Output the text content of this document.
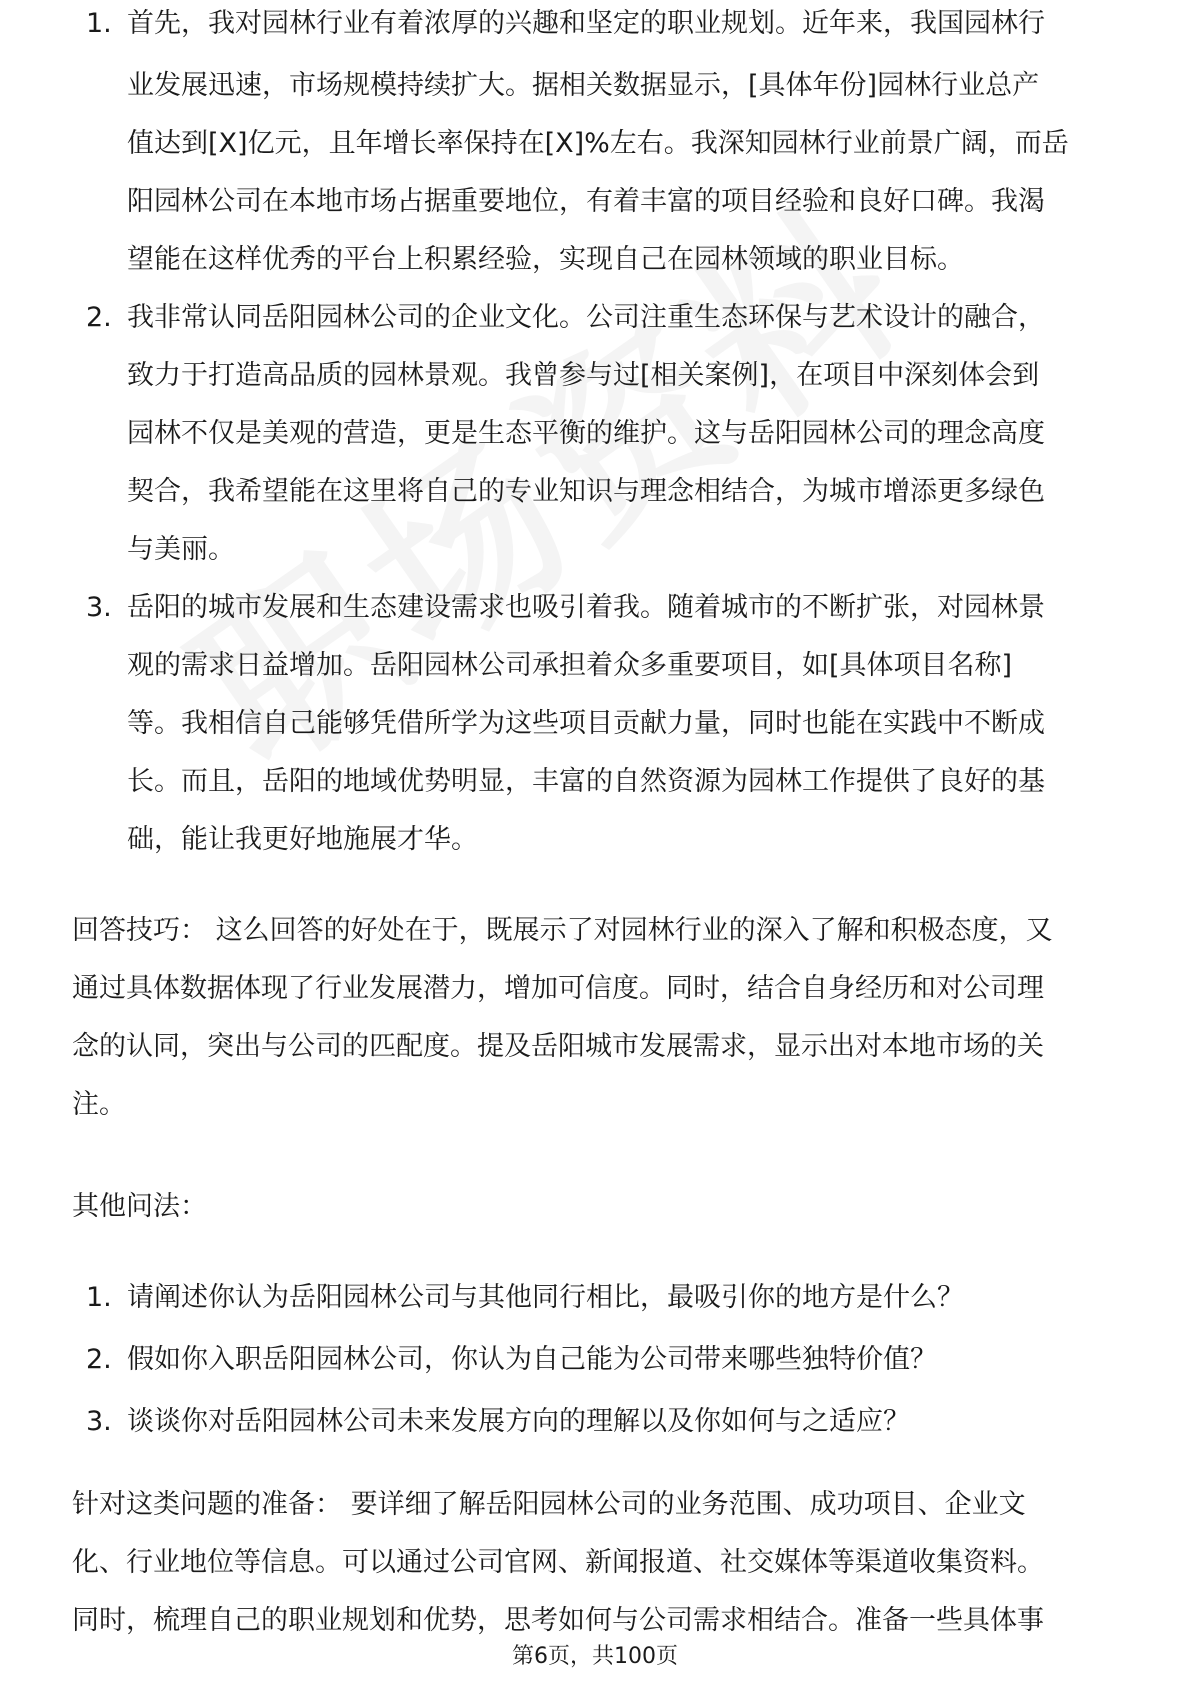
1. 首先，我对园林行业有着浓厚的兴趣和坚定的职业规划。近年来，我国园林行
业发展迅速，市场规模持续扩大。据相关数据显示，[具体年份]园林行业总产
值达到[X]亿元，且年增长率保持在[X]%左右。我深知园林行业前景广阔，而岳
阳园林公司在本地市场占据重要地位，有着丰富的项目经验和良好口碑。我渴
望能在这样优秀的平台上积累经验，实现自己在园林领域的职业目标。
2. 我非常认同岳阳园林公司的企业文化。公司注重生态环保与艺术设计的融合，
致力于打造高品质的园林景观。我曾参与过[相关案例]，在项目中深刻体会到
园林不仅是美观的营造，更是生态平衡的维护。这与岳阳园林公司的理念高度
契合，我希望能在这里将自己的专业知识与理念相结合，为城市增添更多绿色
与美丽。
3. 岳阳的城市发展和生态建设需求也吸引着我。随着城市的不断扩张，对园林景
观的需求日益增加。岳阳园林公司承担着众多重要项目，如[具体项目名称]
等。我相信自己能够凭借所学为这些项目贡献力量，同时也能在实践中不断成
长。而且，岳阳的地域优势明显，丰富的自然资源为园林工作提供了良好的基
础，能让我更好地施展才华。
回答技巧： 这么回答的好处在于，既展示了对园林行业的深入了解和积极态度，又
通过具体数据体现了行业发展潜力，增加可信度。同时，结合自身经历和对公司理
念的认同，突出与公司的匹配度。提及岳阳城市发展需求，显示出对本地市场的关
注。
其他问法：
1. 请阐述你认为岳阳园林公司与其他同行相比，最吸引你的地方是什么？
2. 假如你入职岳阳园林公司，你认为自己能为公司带来哪些独特价值？
3. 谈谈你对岳阳园林公司未来发展方向的理解以及你如何与之适应？
针对这类问题的准备： 要详细了解岳阳园林公司的业务范围、成功项目、企业文
化、行业地位等信息。可以通过公司官网、新闻报道、社交媒体等渠道收集资料。
同时，梳理自己的职业规划和优势，思考如何与公司需求相结合。准备一些具体事
第6页，共100页
